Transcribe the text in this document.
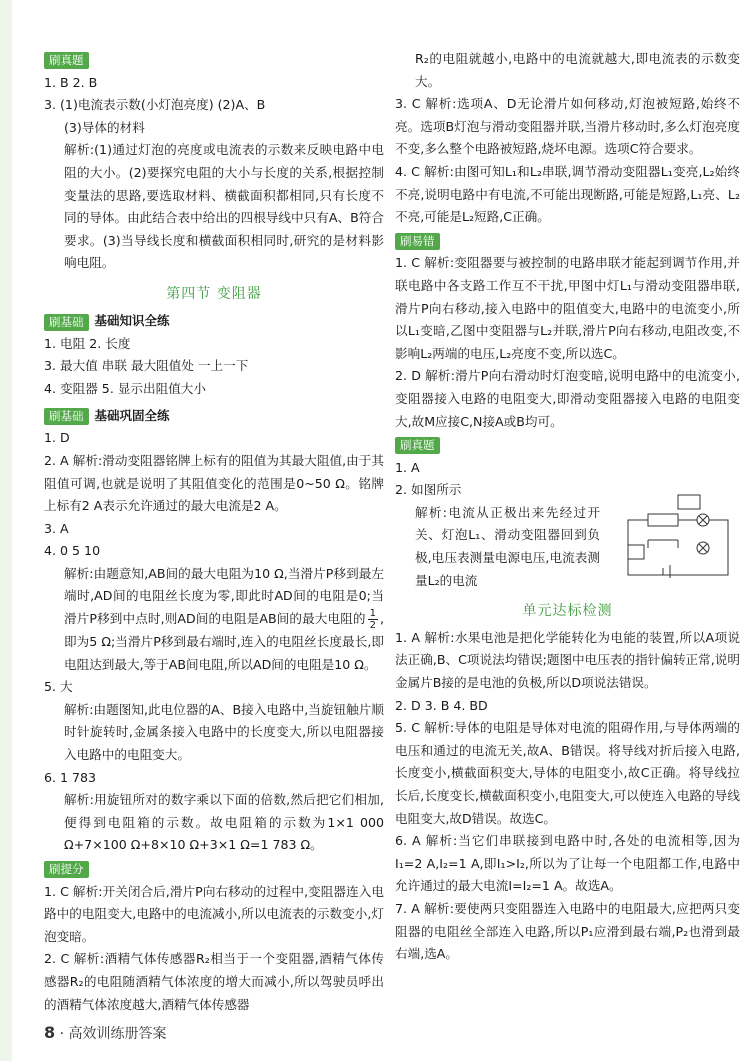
刷真题

1. B 2. B

3. (1)电流表示数(小灯泡亮度) (2)A、B

(3)导体的材料

解析:(1)通过灯泡的亮度或电流表的示数来反映电路中电阻的大小。(2)要探究电阻的大小与长度的关系,根据控制变量法的思路,要选取材料、横截面积都相同,只有长度不同的导体。由此结合表中给出的四根导线中只有A、B符合要求。(3)当导线长度和横截面积相同时,研究的是材料影响电阻。

第四节 变阻器
刷基础 基础知识全练

1. 电阻 2. 长度

3. 最大值 串联 最大阻值处 一上一下

4. 变阻器 5. 显示出阻值大小

刷基础 基础巩固全练

1. D

2. A 解析:滑动变阻器铭牌上标有的阻值为其最大阻值,由于其阻值可调,也就是说明了其阻值变化的范围是0~50 Ω。铭牌上标有2 A表示允许通过的最大电流是2 A。

3. A

4. 0 5 10

解析:由题意知,AB间的最大电阻为10 Ω,当滑片P移到最左端时,AD间的电阻丝长度为零,即此时AD间的电阻是0;当滑片P移到中点时,则AD间的电阻是AB间的最大电阻的 $\frac{1}{2}$ ,即为5 Ω;当滑片P移到最右端时,连入的电阻丝长度最长,即电阻达到最大,等于AB间电阻,所以AD间的电阻是10 Ω。

5. 大

解析:由题图知,此电位器的A、B接入电路中,当旋钮触片顺时针旋转时,金属条接入电路中的长度变大,所以电阻器接入电路中的电阻变大。

6. 1 783

解析:用旋钮所对的数字乘以下面的倍数,然后把它们相加,便得到电阻箱的示数。故电阻箱的示数为1×1 000 Ω+7×100 Ω+8×10 Ω+3×1 Ω=1 783 Ω。

刷提分

1. C 解析:开关闭合后,滑片P向右移动的过程中,变阻器连入电路中的电阻变大,电路中的电流减小,所以电流表的示数变小,灯泡变暗。

2. C 解析:酒精气体传感器R₂相当于一个变阻器,酒精气体传感器R₂的电阻随酒精气体浓度的增大而减小,所以驾驶员呼出的酒精气体浓度越大,酒精气体传感器

R₂的电阻就越小,电路中的电流就越大,即电流表的示数变大。

3. C 解析:选项A、D无论滑片如何移动,灯泡被短路,始终不亮。选项B灯泡与滑动变阻器并联,当滑片移动时,多么灯泡亮度不变,多么整个电路被短路,烧坏电源。选项C符合要求。

4. C 解析:由图可知L₁和L₂串联,调节滑动变阻器L₁变亮,L₂始终不亮,说明电路中有电流,不可能出现断路,可能是短路,L₁亮、L₂不亮,可能是L₂短路,C正确。

刷易错

1. C 解析:变阻器要与被控制的电路串联才能起到调节作用,并联电路中各支路工作互不干扰,甲图中灯L₁与滑动变阻器串联,滑片P向右移动,接入电路中的阻值变大,电路中的电流变小,所以L₁变暗,乙图中变阻器与L₂并联,滑片P向右移动,电阻改变,不影响L₂两端的电压,L₂亮度不变,所以选C。

2. D 解析:滑片P向右滑动时灯泡变暗,说明电路中的电流变小,变阻器接入电路的电阻变大,即滑动变阻器接入电路的电阻变大,故M应接C,N接A或B均可。

刷真题

1. A

2. 如图所示

解析:电流从正极出来先经过开关、灯泡L₁、滑动变阻器回到负极,电压表测量电源电压,电流表测量L₂的电流

单元达标检测

1. A 解析:水果电池是把化学能转化为电能的装置,所以A项说法正确,B、C项说法均错误;题图中电压表的指针偏转正常,说明金属片B接的是电池的负极,所以D项说法错误。

2. D 3. B 4. BD

5. C 解析:导体的电阻是导体对电流的阻碍作用,与导体两端的电压和通过的电流无关,故A、B错误。将导线对折后接入电路,长度变小,横截面积变大,导体的电阻变小,故C正确。将导线拉长后,长度变长,横截面积变小,电阻变大,可以使连入电路的导线电阻变大,故D错误。故选C。

6. A 解析:当它们串联接到电路中时,各处的电流相等,因为I₁=2 A,I₂=1 A,即I₁>I₂,所以为了让每一个电阻都工作,电路中允许通过的最大电流I=I₂=1 A。故选A。

7. A 解析:要使两只变阻器连入电路中的电阻最大,应把两只变阻器的电阻丝全部连入电路,所以P₁应滑到最右端,P₂也滑到最右端,选A。

8 · 高效训练册答案
